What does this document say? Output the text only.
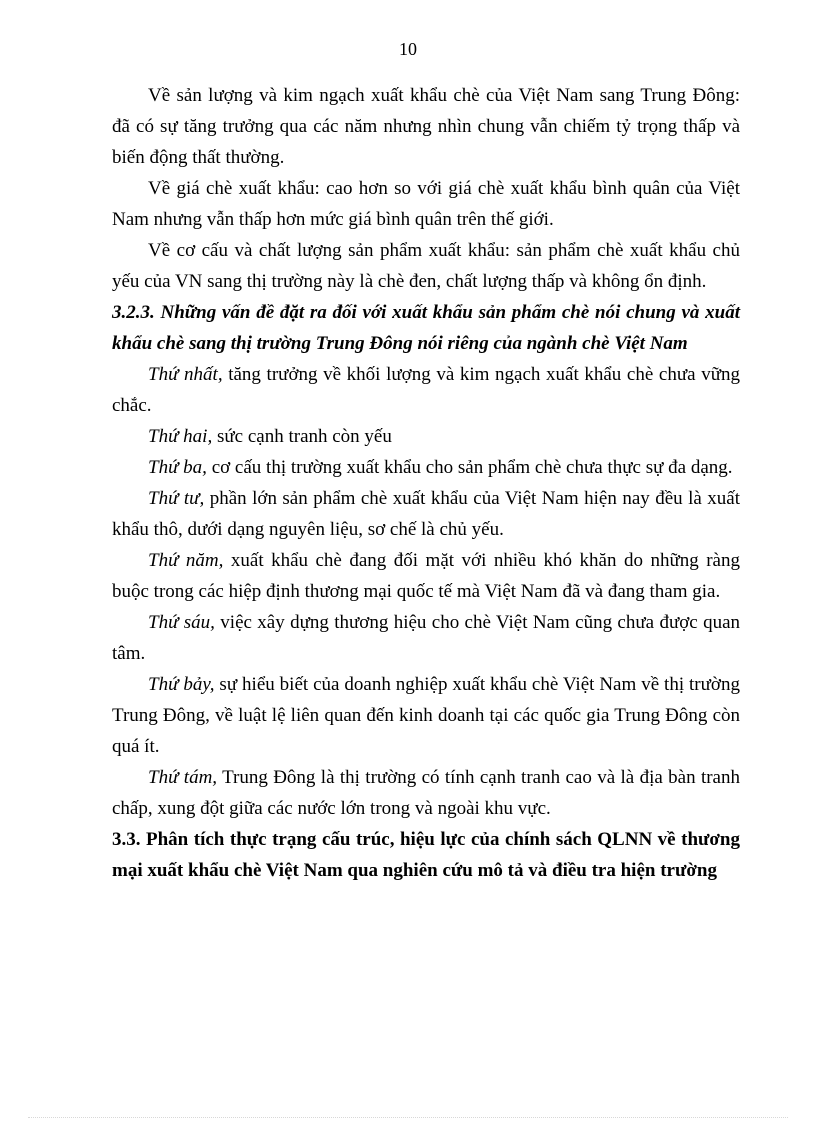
10

Về sản lượng và kim ngạch xuất khẩu chè của Việt Nam sang Trung Đông: đã có sự tăng trưởng qua các năm nhưng nhìn chung vẫn chiếm tỷ trọng thấp và biến động thất thường.

Về giá chè xuất khẩu: cao hơn so với giá chè xuất khẩu bình quân của Việt Nam nhưng vẫn thấp hơn mức giá bình quân trên thế giới.

Về cơ cấu và chất lượng sản phẩm xuất khẩu: sản phẩm chè xuất khẩu chủ yếu của VN sang thị trường này là chè đen, chất lượng thấp và không ổn định.

3.2.3. Những vấn đề đặt ra đối với xuất khẩu sản phẩm chè nói chung và xuất khẩu chè sang thị trường Trung Đông nói riêng của ngành chè Việt Nam

Thứ nhất, tăng trưởng về khối lượng và kim ngạch xuất khẩu chè chưa vững chắc.

Thứ hai, sức cạnh tranh còn yếu

Thứ ba, cơ cấu thị trường xuất khẩu cho sản phẩm chè chưa thực sự đa dạng.

Thứ tư, phần lớn sản phẩm chè xuất khẩu của Việt Nam hiện nay đều là xuất khẩu thô, dưới dạng nguyên liệu, sơ chế là chủ yếu.

Thứ năm, xuất khẩu chè đang đối mặt với nhiều khó khăn do những ràng buộc trong các hiệp định thương mại quốc tế mà Việt Nam đã và đang tham gia.

Thứ sáu, việc xây dựng thương hiệu cho chè Việt Nam cũng chưa được quan tâm.

Thứ bảy, sự hiểu biết của doanh nghiệp xuất khẩu chè Việt Nam về thị trường Trung Đông, về luật lệ liên quan đến kinh doanh tại các quốc gia Trung Đông còn quá ít.

Thứ tám, Trung Đông là thị trường có tính cạnh tranh cao và là địa bàn tranh chấp, xung đột giữa các nước lớn trong và ngoài khu vực.

3.3. Phân tích thực trạng cấu trúc, hiệu lực của chính sách QLNN về thương mại xuất khẩu chè Việt Nam qua nghiên cứu mô tả và điều tra hiện trường
